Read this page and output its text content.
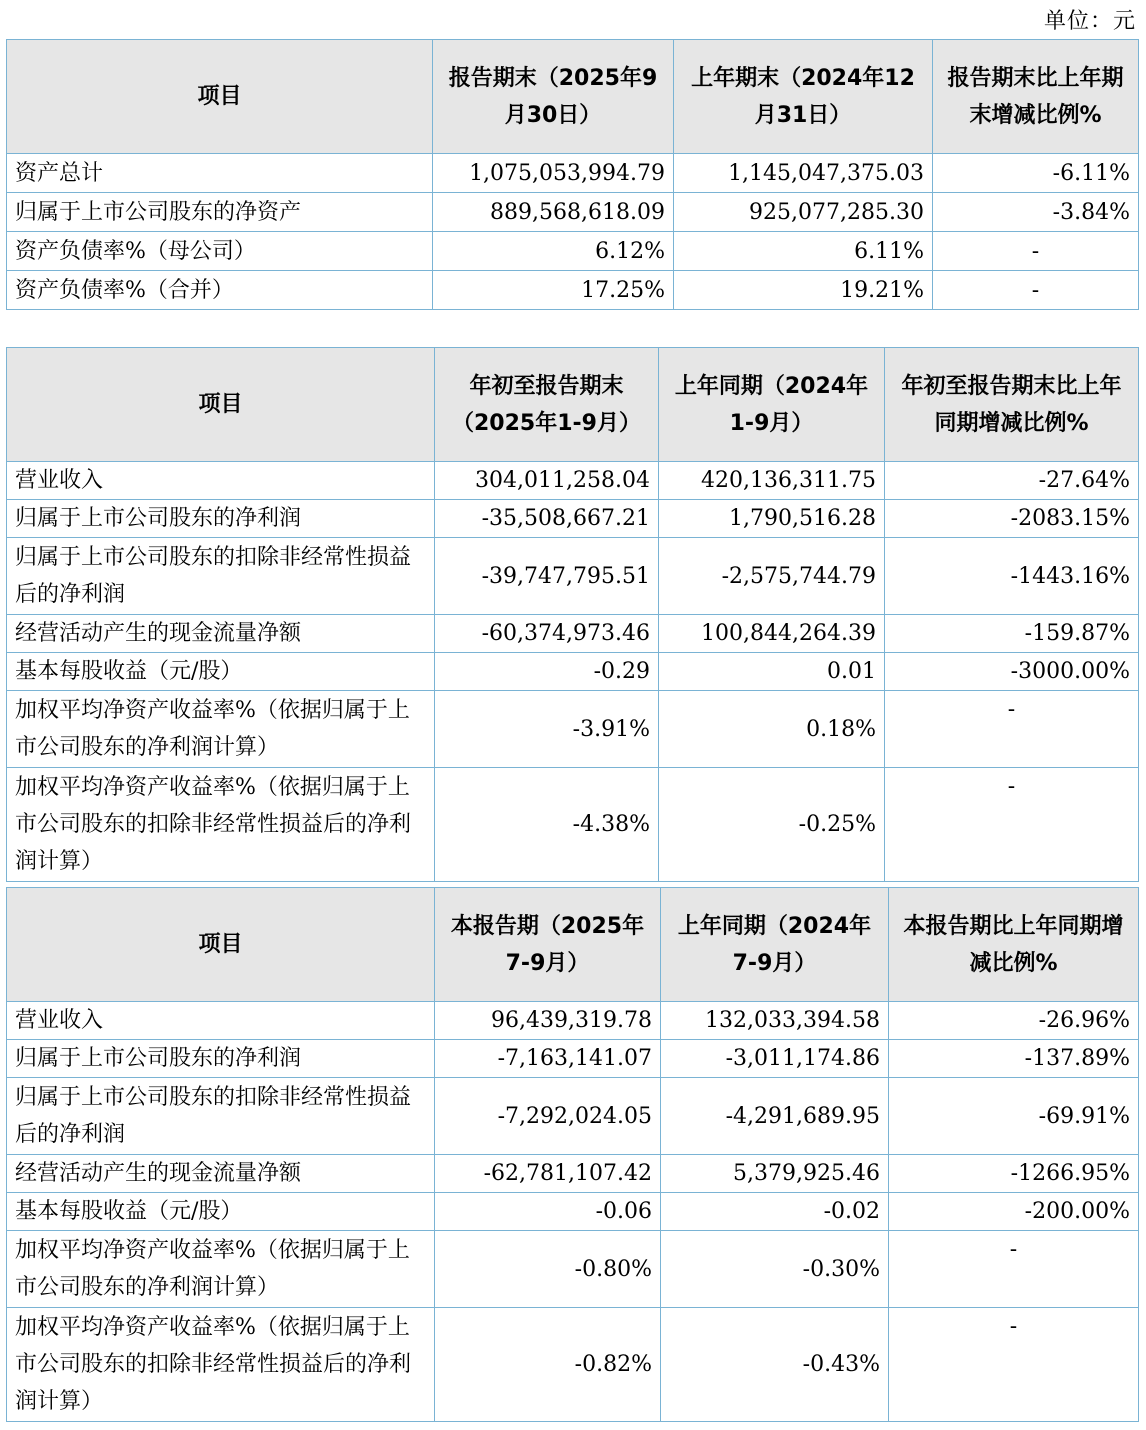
单位：元
项目	报告期末（2025年9月30日）	上年期末（2024年12月31日）	报告期末比上年期末增减比例%
资产总计	1,075,053,994.79	1,145,047,375.03	-6.11%
归属于上市公司股东的净资产	889,568,618.09	925,077,285.30	-3.84%
资产负债率%（母公司）	6.12%	6.11%	-
资产负债率%（合并）	17.25%	19.21%	-
项目	年初至报告期末（2025年1-9月）	上年同期（2024年1-9月）	年初至报告期末比上年同期增减比例%
营业收入	304,011,258.04	420,136,311.75	-27.64%
归属于上市公司股东的净利润	-35,508,667.21	1,790,516.28	-2083.15%
归属于上市公司股东的扣除非经常性损益后的净利润	-39,747,795.51	-2,575,744.79	-1443.16%
经营活动产生的现金流量净额	-60,374,973.46	100,844,264.39	-159.87%
基本每股收益（元/股）	-0.29	0.01	-3000.00%
加权平均净资产收益率%（依据归属于上市公司股东的净利润计算）	-3.91%	0.18%	-
加权平均净资产收益率%（依据归属于上市公司股东的扣除非经常性损益后的净利润计算）	-4.38%	-0.25%	-
项目	本报告期（2025年7-9月）	上年同期（2024年7-9月）	本报告期比上年同期增减比例%
营业收入	96,439,319.78	132,033,394.58	-26.96%
归属于上市公司股东的净利润	-7,163,141.07	-3,011,174.86	-137.89%
归属于上市公司股东的扣除非经常性损益后的净利润	-7,292,024.05	-4,291,689.95	-69.91%
经营活动产生的现金流量净额	-62,781,107.42	5,379,925.46	-1266.95%
基本每股收益（元/股）	-0.06	-0.02	-200.00%
加权平均净资产收益率%（依据归属于上市公司股东的净利润计算）	-0.80%	-0.30%	-
加权平均净资产收益率%（依据归属于上市公司股东的扣除非经常性损益后的净利润计算）	-0.82%	-0.43%	-
